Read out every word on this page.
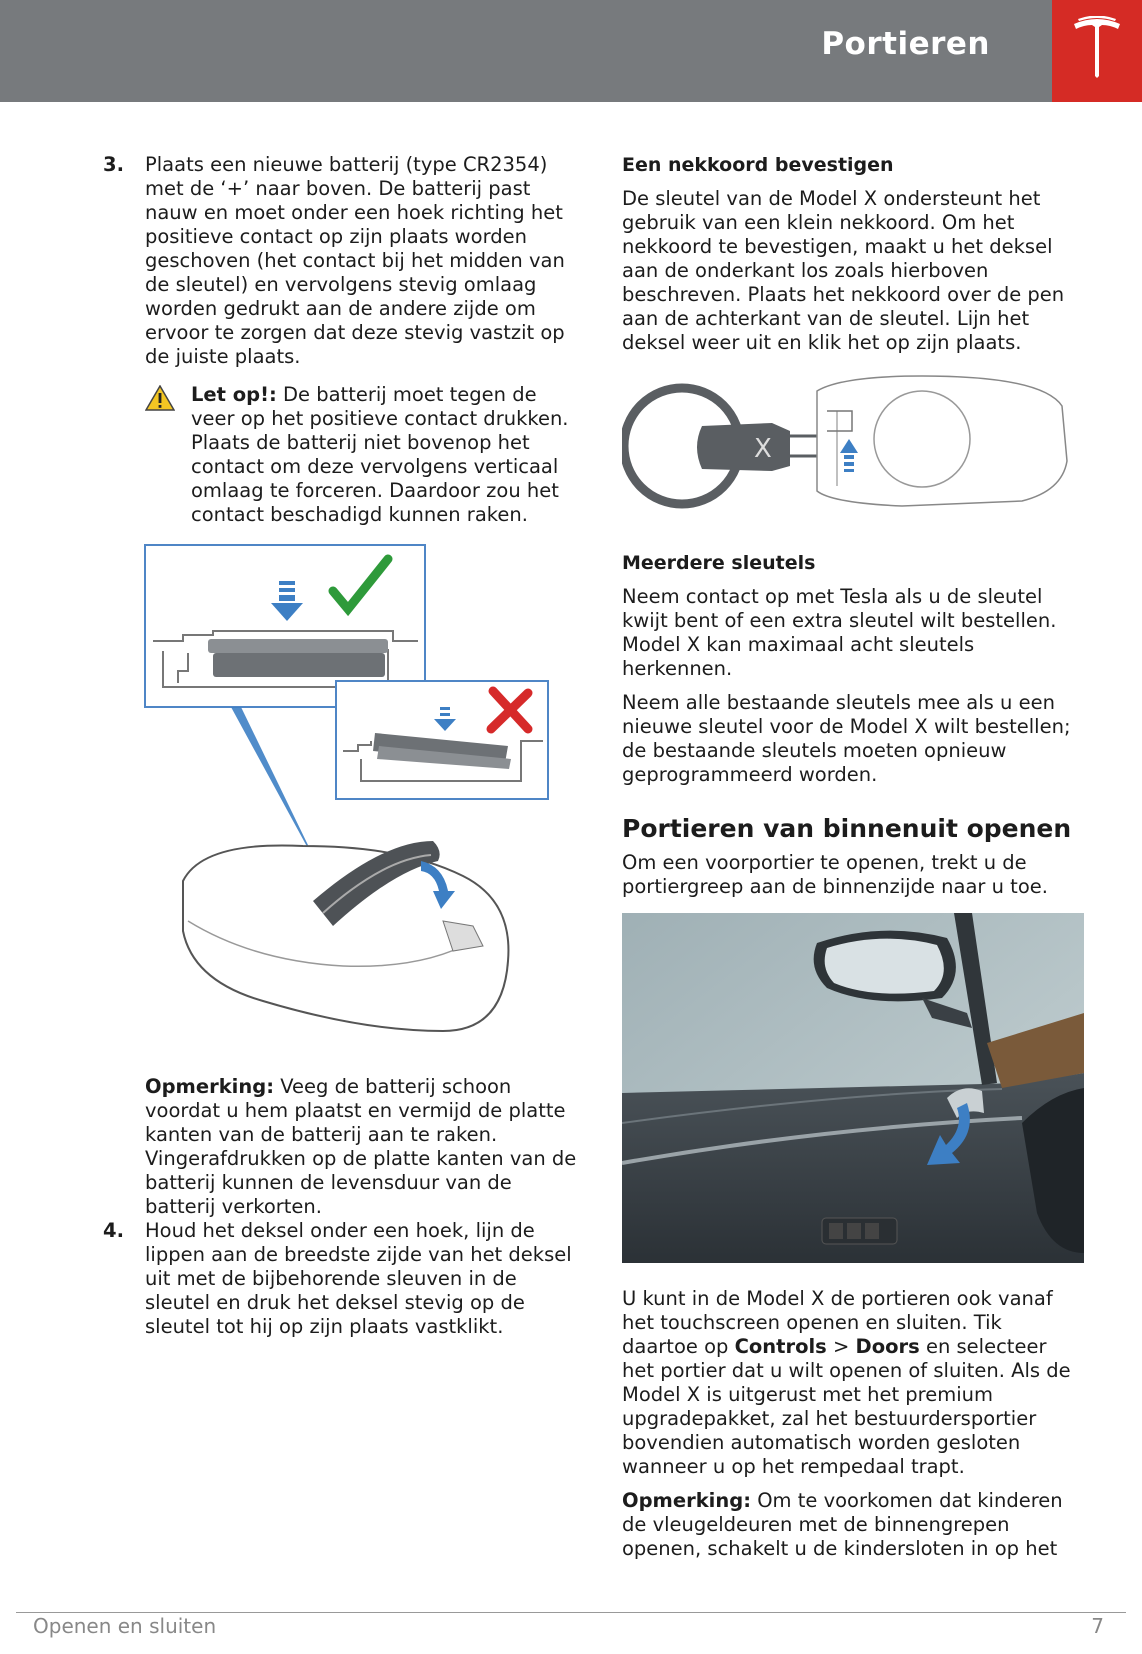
Portieren
3. Plaats een nieuwe batterij (type CR2354) met de ‘+’ naar boven. De batterij past nauw en moet onder een hoek richting het positieve contact op zijn plaats worden geschoven (het contact bij het midden van de sleutel) en vervolgens stevig omlaag worden gedrukt aan de andere zijde om ervoor te zorgen dat deze stevig vastzit op de juiste plaats.

Let op!: De batterij moet tegen de veer op het positieve contact drukken. Plaats de batterij niet bovenop het contact om deze vervolgens verticaal omlaag te forceren. Daardoor zou het contact beschadigd kunnen raken.

Opmerking: Veeg de batterij schoon voordat u hem plaatst en vermijd de platte kanten van de batterij aan te raken. Vingerafdrukken op de platte kanten van de batterij kunnen de levensduur van de batterij verkorten.

4. Houd het deksel onder een hoek, lijn de lippen aan de breedste zijde van het deksel uit met de bijbehorende sleuven in de sleutel en druk het deksel stevig op de sleutel tot hij op zijn plaats vastklikt.

Een nekkoord bevestigen

De sleutel van de Model X ondersteunt het gebruik van een klein nekkoord. Om het nekkoord te bevestigen, maakt u het deksel aan de onderkant los zoals hierboven beschreven. Plaats het nekkoord over de pen aan de achterkant van de sleutel. Lijn het deksel weer uit en klik het op zijn plaats.

X

Meerdere sleutels

Neem contact op met Tesla als u de sleutel kwijt bent of een extra sleutel wilt bestellen. Model X kan maximaal acht sleutels herkennen.

Neem alle bestaande sleutels mee als u een nieuwe sleutel voor de Model X wilt bestellen; de bestaande sleutels moeten opnieuw geprogrammeerd worden.

Portieren van binnenuit openen

Om een voorportier te openen, trekt u de portiergreep aan de binnenzijde naar u toe.

U kunt in de Model X de portieren ook vanaf het touchscreen openen en sluiten. Tik daartoe op Controls > Doors en selecteer het portier dat u wilt openen of sluiten. Als de Model X is uitgerust met het premium upgradepakket, zal het bestuurdersportier bovendien automatisch worden gesloten wanneer u op het rempedaal trapt.

Opmerking: Om te voorkomen dat kinderen de vleugeldeuren met de binnengrepen openen, schakelt u de kindersloten in op het

Openen en sluiten	7
